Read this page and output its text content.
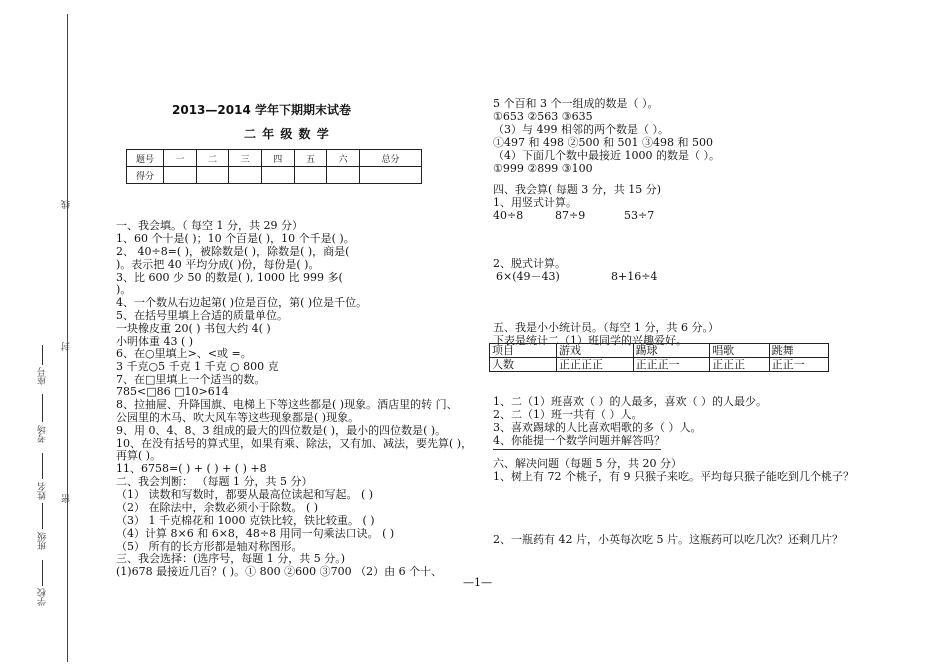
线
封
密
学校
班级
姓名
考场
座号
2013—2014 学年下期期末试卷
二 年 级 数 学
题号	一	二	三	四	五	六	总分
得分							
一、我会填。（ 每空 1 分，共 29 分）
1、60 个十是( )；10 个百是( )，10 个千是( )。
2、 40÷8=( )，被除数是( )，除数是( )，商是(
)。表示把 40 平均分成( )份，每份是( )。
3、比 600 少 50 的数是( ), 1000 比 999 多(
)。
4、一个数从右边起第( )位是百位，第( )位是千位。
5、在括号里填上合适的质量单位。
一块橡皮重 20( ) 书包大约 4( )
小明体重 43 ( )
6、在○里填上>、<或 =。
3 千克○5 千克 1 千克 ○ 800 克
7、在□里填上一个适当的数。
785<□86 □10>614
8、拉抽屉、升降国旗、电梯上下等这些都是( )现象。酒店里的转 门、
公园里的木马、吹大风车等这些现象都是( )现象。
9、用 0、4、8、3 组成的最大的四位数是( )，最小的四位数是( )。
10、在没有括号的算式里，如果有乘、除法，又有加、减法，要先算( )，
再算( )。
11、6758=( ) + ( ) + ( ) +8
二、我会判断： （每题 1 分，共 5 分）
（1） 读数和写数时，都要从最高位读起和写起。 ( )
（2） 在除法中，余数必须小于除数。 ( )
（3） 1 千克棉花和 1000 克铁比较，铁比较重。 ( )
（4）计算 8×6 和 6×8，48÷8 用同一句乘法口诀。 ( )
（5） 所有的长方形都是轴对称图形。
三、我会选择：(选序号，每题 1 分，共 5 分。)
(1)678 最接近几百？( )。① 800 ②600 ③700 （2）由 6 个十、
5 个百和 3 个一组成的数是（ ）。
①653 ②563 ③635
（3）与 499 相邻的两个数是（ ）。
①497 和 498 ②500 和 501 ③498 和 500
（4）下面几个数中最接近 1000 的数是（ ）。
①999 ②899 ③100
四、我会算( 每题 3 分，共 15 分)
1、用竖式计算。
40÷8	87÷9	53÷7
2、脱式计算。
6×(49－43)	8+16÷4
五、我是小小统计员。（每空 1 分，共 6 分。）
下表是统计二（1）班同学的兴趣爱好。
项目	游戏	踢球	唱歌	跳舞
人数	正正正正	正正正一	正正正	正正一
1、二（1）班喜欢（ ）的人最多，喜欢（ ）的人最少。
2、二（1）班一共有（ ）人。
3、喜欢踢球的人比喜欢唱歌的多（ ）人。
4、你能提一个数学问题并解答吗？
六、解决问题（每题 5 分，共 20 分）
1、树上有 72 个桃子，有 9 只猴子来吃。平均每只猴子能吃到几个桃子？
2、一瓶药有 42 片，小英每次吃 5 片。这瓶药可以吃几次？还剩几片？
—1—
